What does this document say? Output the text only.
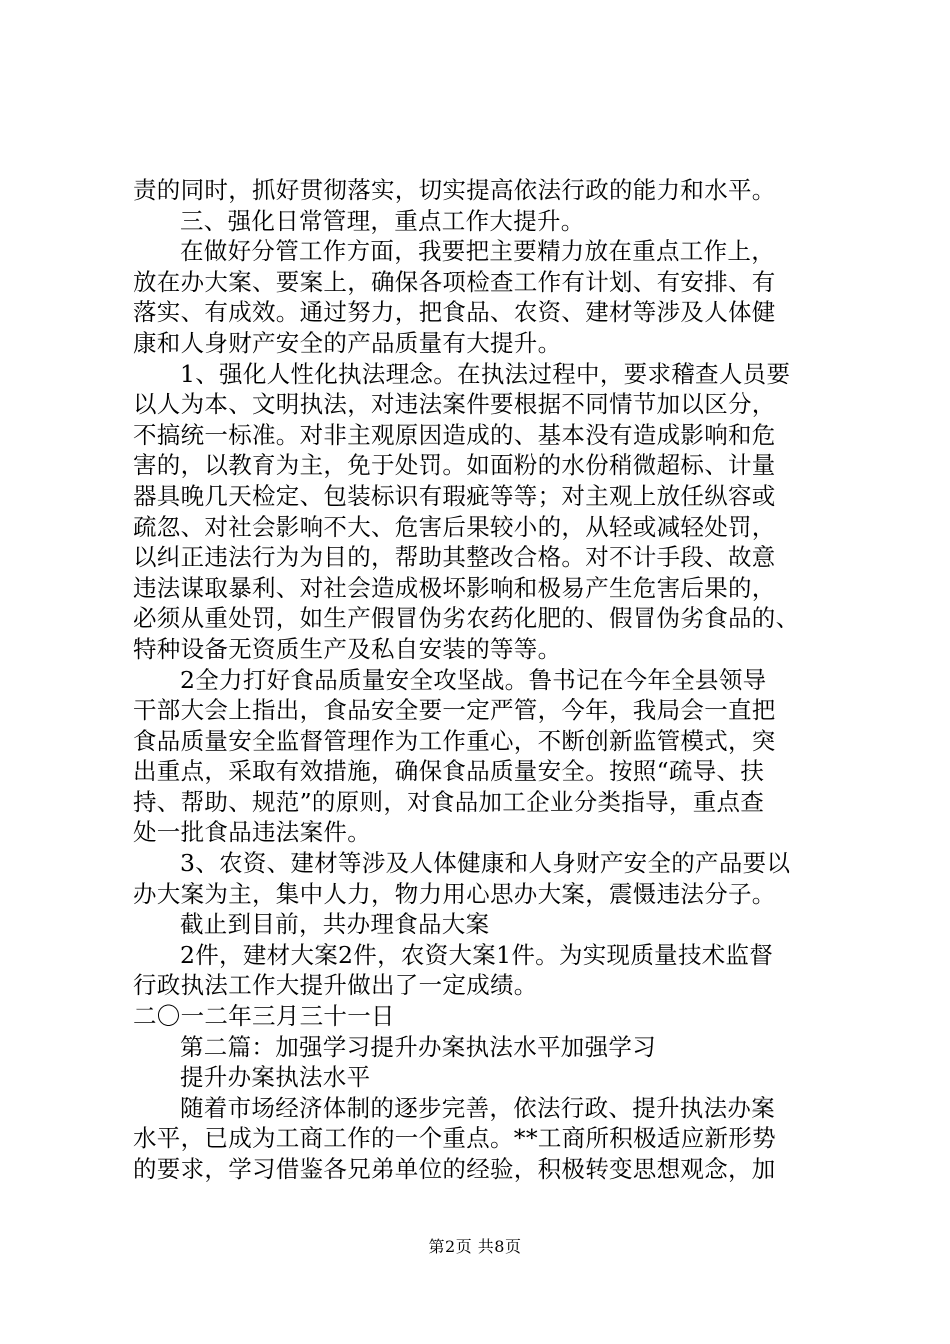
责的同时，抓好贯彻落实，切实提高依法行政的能力和水平。
三、强化日常管理，重点工作大提升。
在做好分管工作方面，我要把主要精力放在重点工作上，
放在办大案、要案上，确保各项检查工作有计划、有安排、有
落实、有成效。通过努力，把食品、农资、建材等涉及人体健
康和人身财产安全的产品质量有大提升。
1、强化人性化执法理念。在执法过程中，要求稽查人员要
以人为本、文明执法，对违法案件要根据不同情节加以区分，
不搞统一标准。对非主观原因造成的、基本没有造成影响和危
害的，以教育为主，免于处罚。如面粉的水份稍微超标、计量
器具晚几天检定、包装标识有瑕疵等等；对主观上放任纵容或
疏忽、对社会影响不大、危害后果较小的，从轻或减轻处罚，
以纠正违法行为为目的，帮助其整改合格。对不计手段、故意
违法谋取暴利、对社会造成极坏影响和极易产生危害后果的，
必须从重处罚，如生产假冒伪劣农药化肥的、假冒伪劣食品的、
特种设备无资质生产及私自安装的等等。
2全力打好食品质量安全攻坚战。鲁书记在今年全县领导
干部大会上指出，食品安全要一定严管，今年，我局会一直把
食品质量安全监督管理作为工作重心，不断创新监管模式，突
出重点，采取有效措施，确保食品质量安全。按照“疏导、扶
持、帮助、规范”的原则，对食品加工企业分类指导，重点查
处一批食品违法案件。
3、农资、建材等涉及人体健康和人身财产安全的产品要以
办大案为主，集中人力，物力用心思办大案，震慑违法分子。
截止到目前，共办理食品大案
2件，建材大案2件，农资大案1件。为实现质量技术监督
行政执法工作大提升做出了一定成绩。
二〇一二年三月三十一日
第二篇：加强学习提升办案执法水平加强学习
提升办案执法水平
随着市场经济体制的逐步完善，依法行政、提升执法办案
水平，已成为工商工作的一个重点。**工商所积极适应新形势
的要求，学习借鉴各兄弟单位的经验，积极转变思想观念，加
第2页 共8页
